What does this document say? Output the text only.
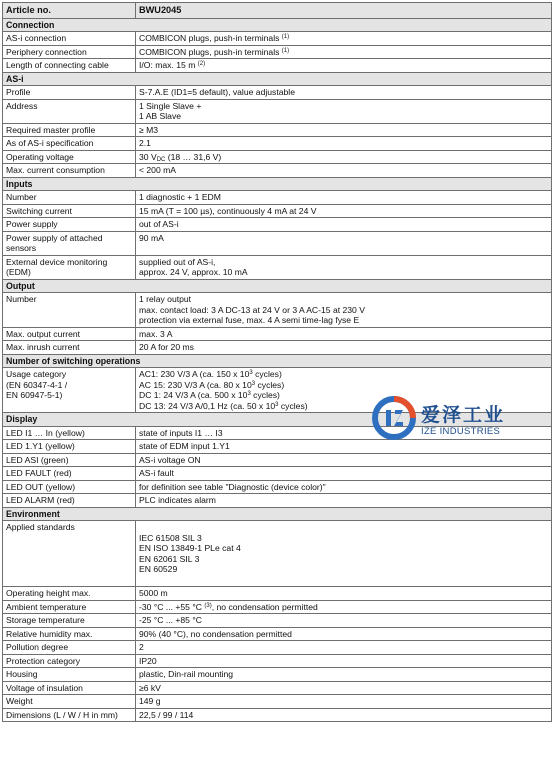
Article no.	BWU2045
Connection	

AS-i connection	COMBICON plugs, push-in terminals $^{(1)}$

Periphery connection	COMBICON plugs, push-in terminals $^{(1)}$

Length of connecting cable	I/O: max. 15 m $^{(2)}$

AS-i	

Profile	S-7.A.E (ID1=5 default), value adjustable

Address	1 Single Slave +
1 AB Slave

Required master profile	≥ M3

As of AS-i specification	2.1

Operating voltage	30 $V_{DC}$ (18 … 31,6 V)

Max. current consumption	< 200 mA

Inputs	

Number	1 diagnostic + 1 EDM

Switching current	15 mA (T = 100 µs), continuously 4 mA at 24 V

Power supply	out of AS-i

Power supply of attached
sensors	90 mA

External device monitoring
(EDM)	supplied out of AS-i,
approx. 24 V, approx. 10 mA

Output	

Number	1 relay output
max. contact load: 3 A DC-13 at 24 V or 3 A AC-15 at 230 V
protection via external fuse, max. 4 A semi time-lag fyse E

Max. output current	max. 3 A

Max. inrush current	20 A for 20 ms

Number of switching operations	

Usage category
(EN 60347-4-1 /
EN 60947-5-1)	AC1: 230 V/3 A (ca. 150 x $10^3$ cycles)
AC 15: 230 V/3 A (ca. 80 x $10^3$ cycles)
DC 1: 24 V/3 A (ca. 500 x $10^3$ cycles)
DC 13: 24 V/3 A/0,1 Hz (ca. 50 x $10^3$ cycles)

Display	

LED I1 … In (yellow)	state of inputs I1 … I3

LED 1.Y1 (yellow)	state of EDM input 1.Y1

LED ASI (green)	AS-i voltage ON

LED FAULT (red)	AS-i fault

LED OUT (yellow)	for definition see table "Diagnostic (device color)"

LED ALARM (red)	PLC indicates alarm

Environment	

Applied standards	IEC 61508 SIL 3
EN ISO 13849-1 PLe cat 4
EN 62061 SIL 3
EN 60529

Operating height max.	5000 m

Ambient temperature	-30 °C ... +55 °C $^{(3)}$, no condensation permitted

Storage temperature	-25 °C ... +85 °C

Relative humidity max.	90% (40 °C), no condensation permitted

Pollution degree	2

Protection category	IP20

Housing	plastic, Din-rail mounting

Voltage of insulation	≥6 kV

Weight	149 g

Dimensions (L / W / H in mm)	22,5 / 99 / 114
爱泽工业
IZE INDUSTRIES
